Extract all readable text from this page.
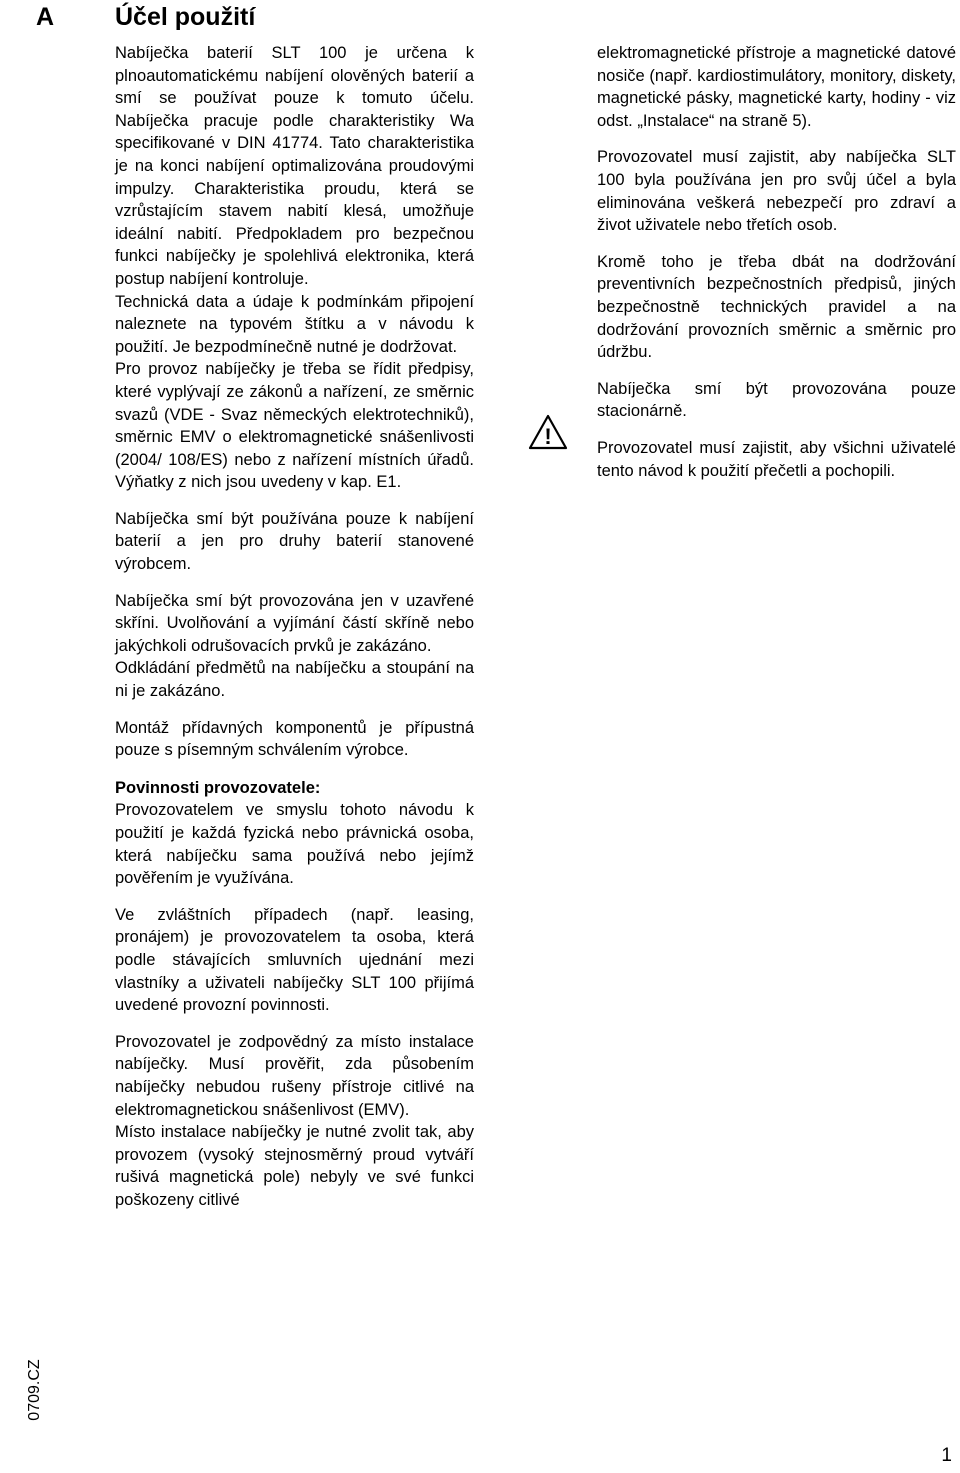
A Účel použití

Nabíječka baterií SLT 100 je určena k plnoautomatickému nabíjení olověných baterií a smí se používat pouze k tomuto účelu. Nabíječka pracuje podle charakteristiky Wa specifikované v DIN 41774. Tato charakteristika je na konci nabíjení optimalizována proudovými impulzy. Charakteristika proudu, která se vzrůstajícím stavem nabití klesá, umožňuje ideální nabití. Předpokladem pro bezpečnou funkci nabíječky je spolehlivá elektronika, která postup nabíjení kontroluje.

Technická data a údaje k podmínkám připojení naleznete na typovém štítku a v návodu k použití. Je bezpodmínečně nutné je dodržovat.

Pro provoz nabíječky je třeba se řídit předpisy, které vyplývají ze zákonů a nařízení, ze směrnic svazů (VDE - Svaz německých elektrotechniků), směrnic EMV o elektromagnetické snášenlivosti (2004/ 108/ES) nebo z nařízení místních úřadů. Výňatky z nich jsou uvedeny v kap. E1.

Nabíječka smí být používána pouze k nabíjení baterií a jen pro druhy baterií stanovené výrobcem.

Nabíječka smí být provozována jen v uzavřené skříni. Uvolňování a vyjímání částí skříně nebo jakýchkoli odrušovacích prvků je zakázáno.

Odkládání předmětů na nabíječku a stoupání na ni je zakázáno.

Montáž přídavných komponentů je přípustná pouze s písemným schválením výrobce.

Povinnosti provozovatele:

Provozovatelem ve smyslu tohoto návodu k použití je každá fyzická nebo právnická osoba, která nabíječku sama používá nebo jejímž pověřením je využívána.

Ve zvláštních případech (např. leasing, pronájem) je provozovatelem ta osoba, která podle stávajících smluvních ujednání mezi vlastníky a uživateli nabíječky SLT 100 přijímá uvedené provozní povinnosti.

Provozovatel je zodpovědný za místo instalace nabíječky. Musí prověřit, zda působením nabíječky nebudou rušeny přístroje citlivé na elektromagnetickou snášenlivost (EMV).

Místo instalace nabíječky je nutné zvolit tak, aby provozem (vysoký stejnosměrný proud vytváří rušivá magnetická pole) nebyly ve své funkci poškozeny citlivé

elektromagnetické přístroje a magnetické datové nosiče (např. kardiostimulátory, monitory, diskety, magnetické pásky, magnetické karty, hodiny - viz odst. „Instalace“ na straně 5).

Provozovatel musí zajistit, aby nabíječka SLT 100 byla používána jen pro svůj účel a byla eliminována veškerá nebezpečí pro zdraví a život uživatele nebo třetích osob.

Kromě toho je třeba dbát na dodržování preventivních bezpečnostních předpisů, jiných bezpečnostně technických pravidel a na dodržování provozních směrnic a směrnic pro údržbu.

Nabíječka smí být provozována pouze stacionárně.

Provozovatel musí zajistit, aby všichni uživatelé tento návod k použití přečetli a pochopili.

!
0709.CZ
1
